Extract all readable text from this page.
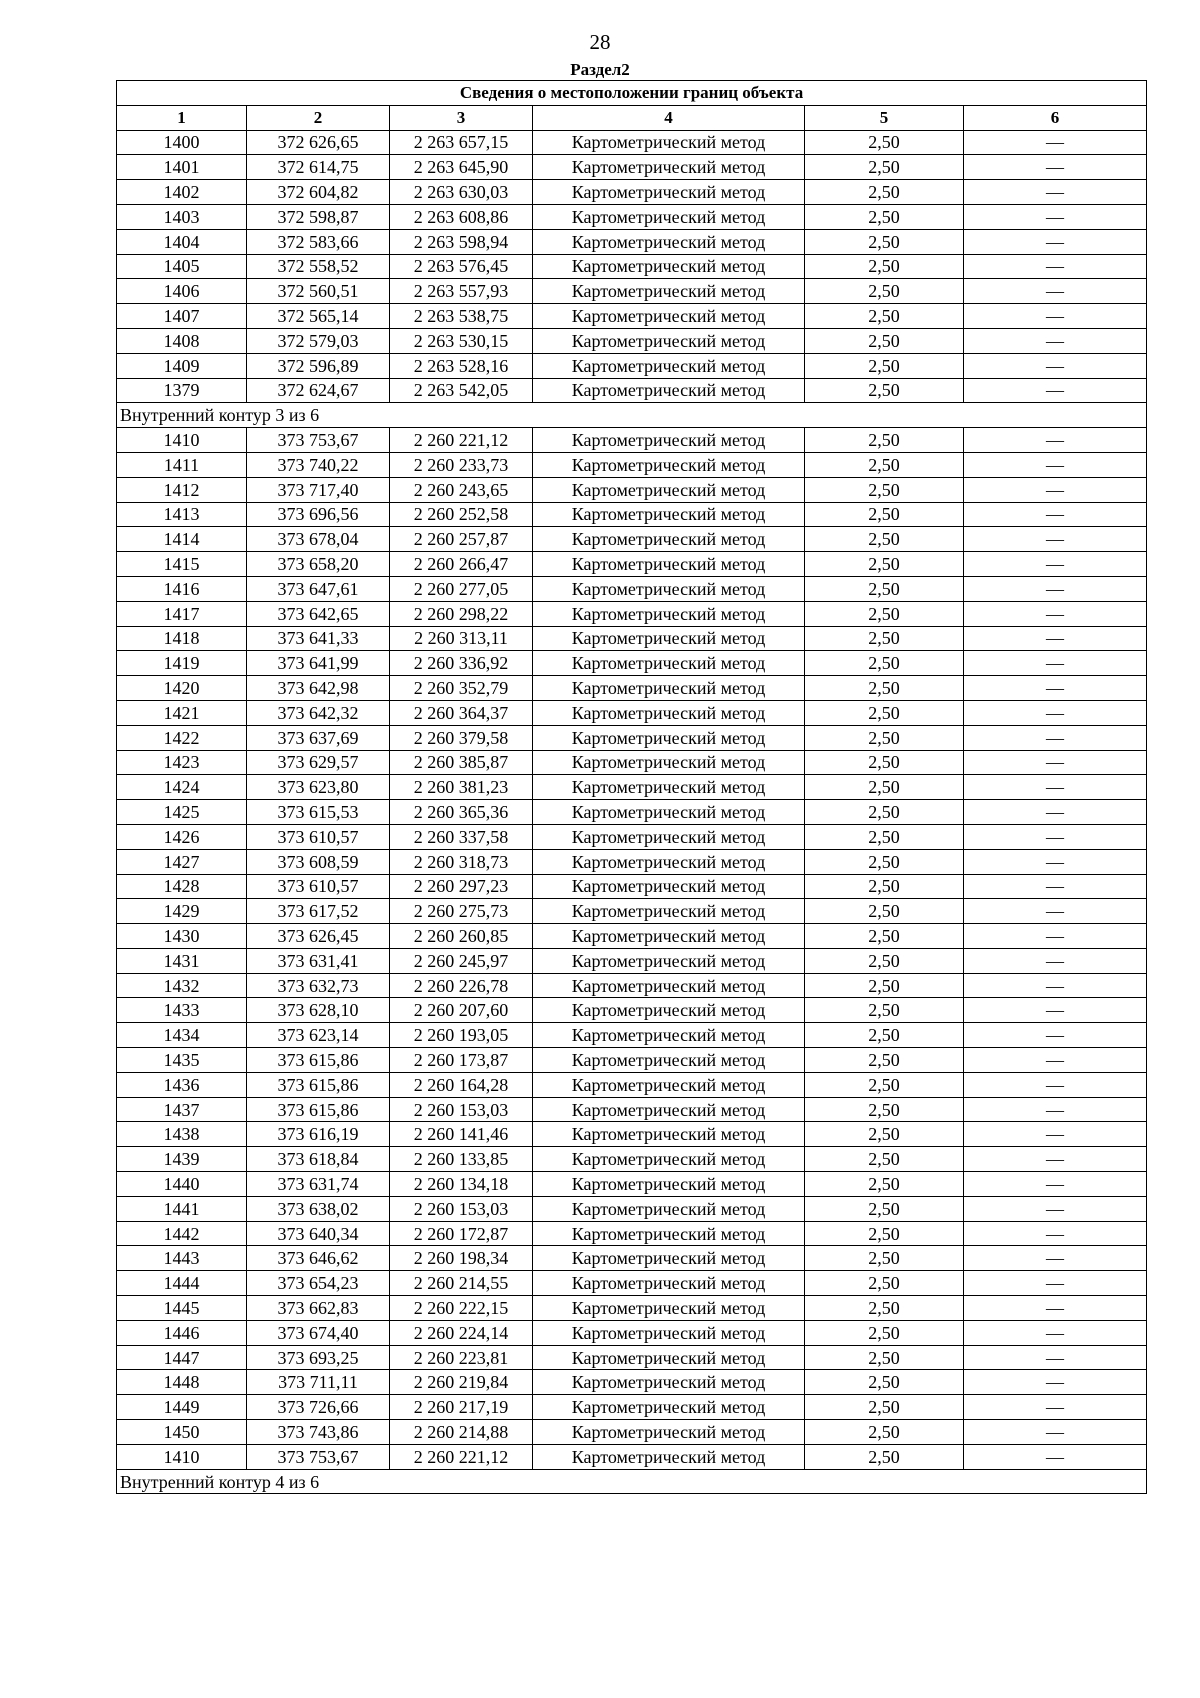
28
Раздел2
Сведения о местоположении границ объекта					
1	2	3	4	5	6
1400	372 626,65	2 263 657,15	Картометрический метод	2,50	—
1401	372 614,75	2 263 645,90	Картометрический метод	2,50	—
1402	372 604,82	2 263 630,03	Картометрический метод	2,50	—
1403	372 598,87	2 263 608,86	Картометрический метод	2,50	—
1404	372 583,66	2 263 598,94	Картометрический метод	2,50	—
1405	372 558,52	2 263 576,45	Картометрический метод	2,50	—
1406	372 560,51	2 263 557,93	Картометрический метод	2,50	—
1407	372 565,14	2 263 538,75	Картометрический метод	2,50	—
1408	372 579,03	2 263 530,15	Картометрический метод	2,50	—
1409	372 596,89	2 263 528,16	Картометрический метод	2,50	—
1379	372 624,67	2 263 542,05	Картометрический метод	2,50	—
Внутренний контур 3 из 6					
1410	373 753,67	2 260 221,12	Картометрический метод	2,50	—
1411	373 740,22	2 260 233,73	Картометрический метод	2,50	—
1412	373 717,40	2 260 243,65	Картометрический метод	2,50	—
1413	373 696,56	2 260 252,58	Картометрический метод	2,50	—
1414	373 678,04	2 260 257,87	Картометрический метод	2,50	—
1415	373 658,20	2 260 266,47	Картометрический метод	2,50	—
1416	373 647,61	2 260 277,05	Картометрический метод	2,50	—
1417	373 642,65	2 260 298,22	Картометрический метод	2,50	—
1418	373 641,33	2 260 313,11	Картометрический метод	2,50	—
1419	373 641,99	2 260 336,92	Картометрический метод	2,50	—
1420	373 642,98	2 260 352,79	Картометрический метод	2,50	—
1421	373 642,32	2 260 364,37	Картометрический метод	2,50	—
1422	373 637,69	2 260 379,58	Картометрический метод	2,50	—
1423	373 629,57	2 260 385,87	Картометрический метод	2,50	—
1424	373 623,80	2 260 381,23	Картометрический метод	2,50	—
1425	373 615,53	2 260 365,36	Картометрический метод	2,50	—
1426	373 610,57	2 260 337,58	Картометрический метод	2,50	—
1427	373 608,59	2 260 318,73	Картометрический метод	2,50	—
1428	373 610,57	2 260 297,23	Картометрический метод	2,50	—
1429	373 617,52	2 260 275,73	Картометрический метод	2,50	—
1430	373 626,45	2 260 260,85	Картометрический метод	2,50	—
1431	373 631,41	2 260 245,97	Картометрический метод	2,50	—
1432	373 632,73	2 260 226,78	Картометрический метод	2,50	—
1433	373 628,10	2 260 207,60	Картометрический метод	2,50	—
1434	373 623,14	2 260 193,05	Картометрический метод	2,50	—
1435	373 615,86	2 260 173,87	Картометрический метод	2,50	—
1436	373 615,86	2 260 164,28	Картометрический метод	2,50	—
1437	373 615,86	2 260 153,03	Картометрический метод	2,50	—
1438	373 616,19	2 260 141,46	Картометрический метод	2,50	—
1439	373 618,84	2 260 133,85	Картометрический метод	2,50	—
1440	373 631,74	2 260 134,18	Картометрический метод	2,50	—
1441	373 638,02	2 260 153,03	Картометрический метод	2,50	—
1442	373 640,34	2 260 172,87	Картометрический метод	2,50	—
1443	373 646,62	2 260 198,34	Картометрический метод	2,50	—
1444	373 654,23	2 260 214,55	Картометрический метод	2,50	—
1445	373 662,83	2 260 222,15	Картометрический метод	2,50	—
1446	373 674,40	2 260 224,14	Картометрический метод	2,50	—
1447	373 693,25	2 260 223,81	Картометрический метод	2,50	—
1448	373 711,11	2 260 219,84	Картометрический метод	2,50	—
1449	373 726,66	2 260 217,19	Картометрический метод	2,50	—
1450	373 743,86	2 260 214,88	Картометрический метод	2,50	—
1410	373 753,67	2 260 221,12	Картометрический метод	2,50	—
Внутренний контур 4 из 6					
